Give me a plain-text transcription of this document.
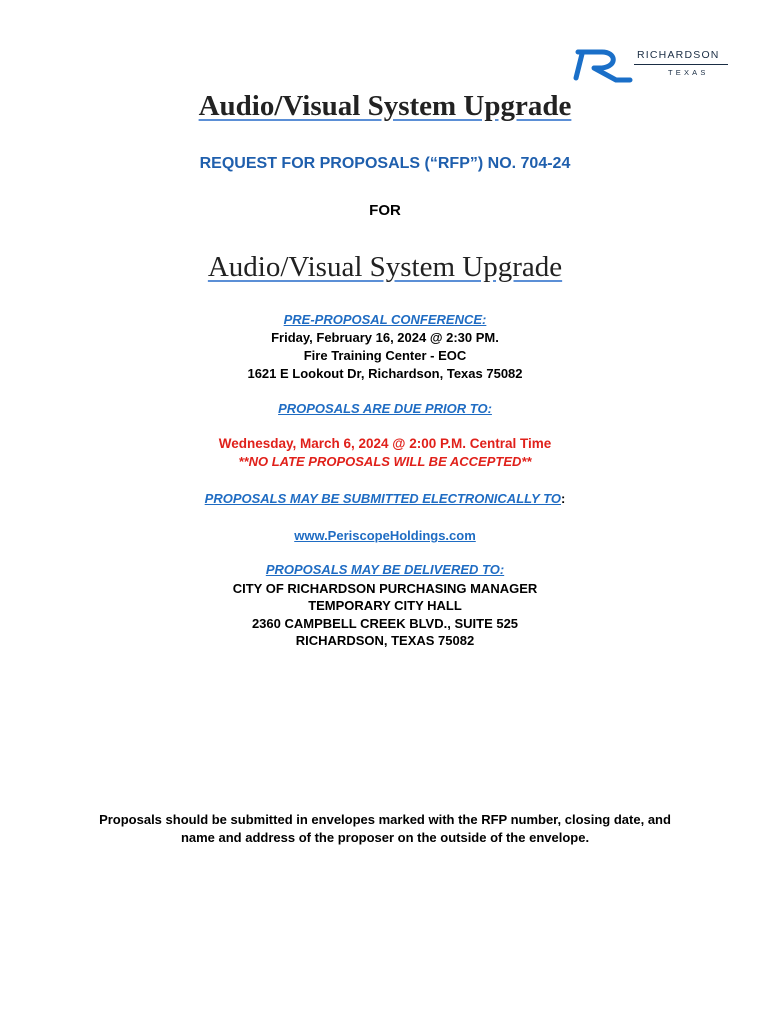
RICHARDSON
TEXAS
Audio/Visual System Upgrade
REQUEST FOR PROPOSALS (“RFP”) NO. 704-24
FOR
Audio/Visual System Upgrade
PRE-PROPOSAL CONFERENCE:
Friday, February 16, 2024 @ 2:30 PM.
Fire Training Center - EOC
1621 E Lookout Dr, Richardson, Texas 75082
PROPOSALS ARE DUE PRIOR TO:
Wednesday, March 6, 2024 @ 2:00 P.M. Central Time
**NO LATE PROPOSALS WILL BE ACCEPTED**
PROPOSALS MAY BE SUBMITTED ELECTRONICALLY TO:
www.PeriscopeHoldings.com
PROPOSALS MAY BE DELIVERED TO:
CITY OF RICHARDSON PURCHASING MANAGER
TEMPORARY CITY HALL
2360 CAMPBELL CREEK BLVD., SUITE 525
RICHARDSON, TEXAS 75082
Proposals should be submitted in envelopes marked with the RFP number, closing date, and
name and address of the proposer on the outside of the envelope.
